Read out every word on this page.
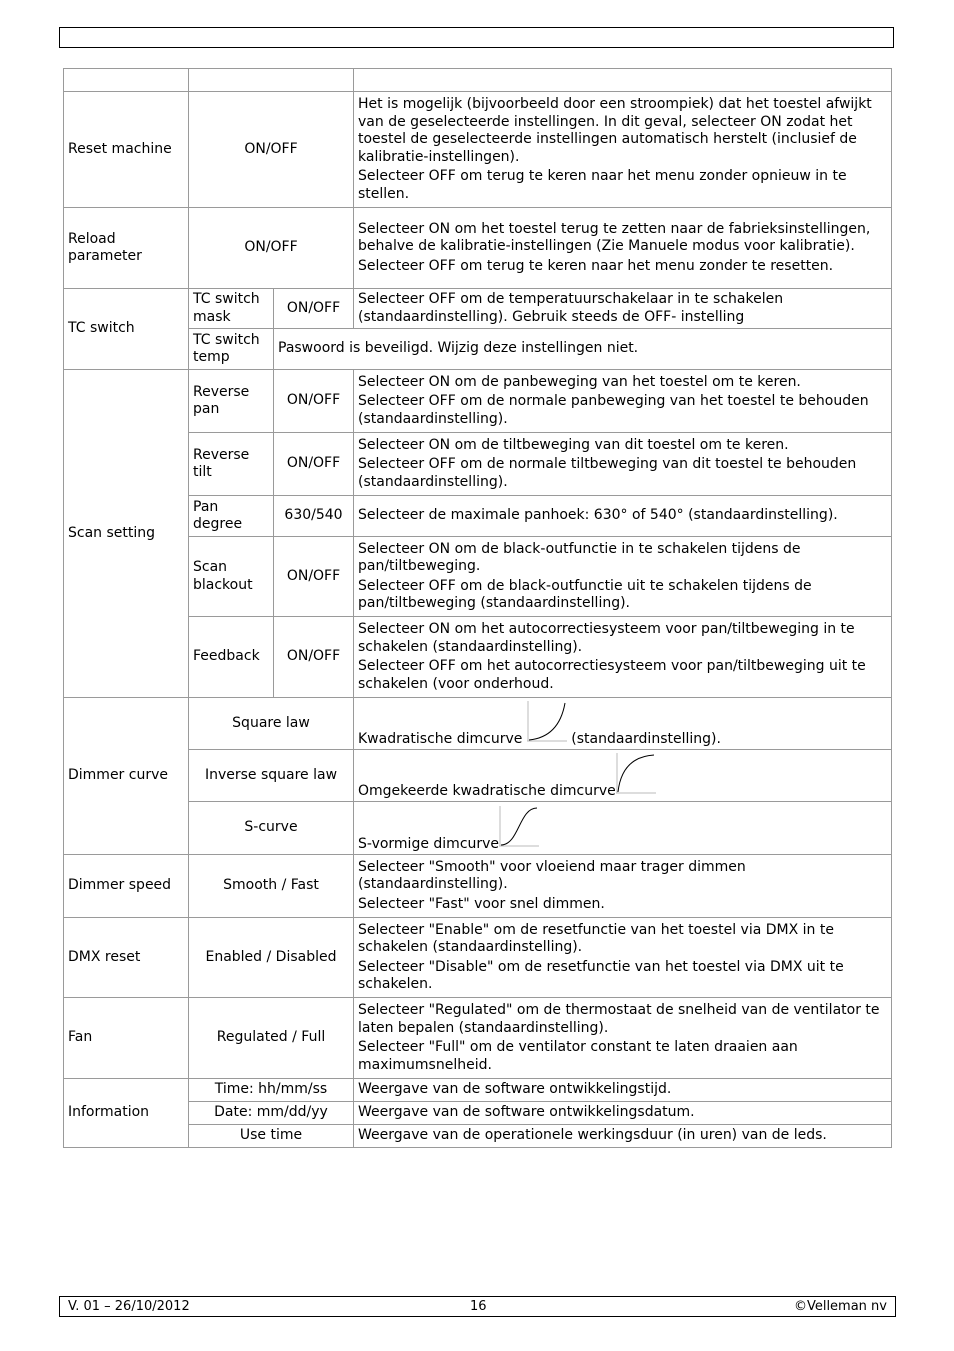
Reset machine	ON/OFF		Het is mogelijk (bijvoorbeeld door een stroompiek) dat het toestel afwijkt van de geselecteerde instellingen. In dit geval, selecteer ON zodat het toestel de geselecteerde instellingen automatisch herstelt (inclusief de kalibratie-instellingen).

Selecteer OFF om terug te keren naar het menu zonder opnieuw in te stellen.

Reload parameter	ON/OFF		Selecteer ON om het toestel terug te zetten naar de fabrieksinstellingen, behalve de kalibratie-instellingen (Zie Manuele modus voor kalibratie).

Selecteer OFF om terug te keren naar het menu zonder te resetten.

TC switch	TC switch mask	ON/OFF	Selecteer OFF om de temperatuurschakelaar in te schakelen (standaardinstelling). Gebruik steeds de OFF- instelling
	TC switch temp	Paswoord is beveiligd. Wijzig deze instellingen niet.	
Scan setting	Reverse pan	ON/OFF	Selecteer ON om de panbeweging van het toestel om te keren.

Selecteer OFF om de normale panbeweging van het toestel te behouden (standaardinstelling).

	Reverse tilt	ON/OFF	Selecteer ON om de tiltbeweging van dit toestel om te keren.

Selecteer OFF om de normale tiltbeweging van dit toestel te behouden (standaardinstelling).

	Pan degree	630/540	Selecteer de maximale panhoek: 630° of 540° (standaardinstelling).
	Scan blackout	ON/OFF	Selecteer ON om de black-outfunctie in te schakelen tijdens de pan/tiltbeweging.

Selecteer OFF om de black-outfunctie uit te schakelen tijdens de pan/tiltbeweging (standaardinstelling).

	Feedback	ON/OFF	Selecteer ON om het autocorrectiesysteem voor pan/tiltbeweging in te schakelen (standaardinstelling).

Selecteer OFF om het autocorrectiesysteem voor pan/tiltbeweging uit te schakelen (voor onderhoud.

Dimmer curve	Square law		Kwadratische dimcurve (standaardinstelling).
	Inverse square law		Omgekeerde kwadratische dimcurve
	S-curve		S-vormige dimcurve
Dimmer speed	Smooth / Fast		Selecteer "Smooth" voor vloeiend maar trager dimmen (standaardinstelling).

Selecteer "Fast" voor snel dimmen.

DMX reset	Enabled / Disabled		Selecteer "Enable" om de resetfunctie van het toestel via DMX in te schakelen (standaardinstelling).

Selecteer "Disable" om de resetfunctie van het toestel via DMX uit te schakelen.

Fan	Regulated / Full		Selecteer "Regulated" om de thermostaat de snelheid van de ventilator te laten bepalen (standaardinstelling).

Selecteer "Full" om de ventilator constant te laten draaien aan maximumsnelheid.

Information	Time: hh/mm/ss		Weergave van de software ontwikkelingstijd.
	Date: mm/dd/yy		Weergave van de software ontwikkelingsdatum.
	Use time		Weergave van de operationele werkingsduur (in uren) van de leds.
V. 01 – 26/10/2012	16	©Velleman nv
